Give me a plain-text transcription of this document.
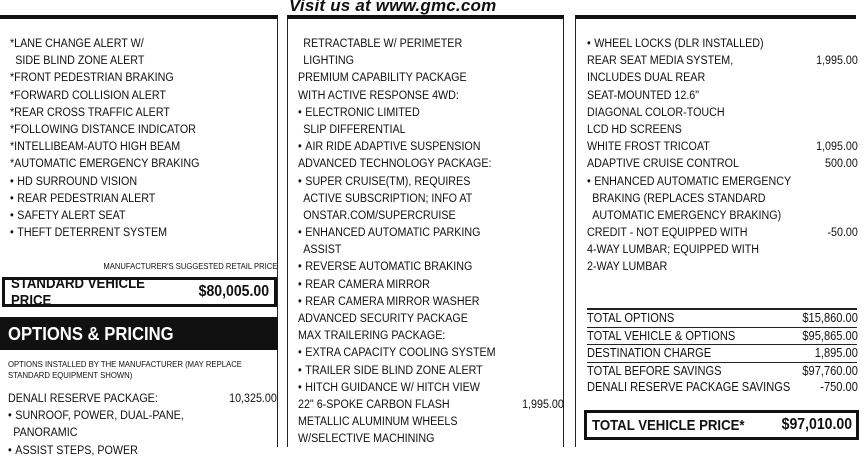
Visit us at www.gmc.com
*LANE CHANGE ALERT W/
SIDE BLIND ZONE ALERT
*FRONT PEDESTRIAN BRAKING
*FORWARD COLLISION ALERT
*REAR CROSS TRAFFIC ALERT
*FOLLOWING DISTANCE INDICATOR
*INTELLIBEAM-AUTO HIGH BEAM
*AUTOMATIC EMERGENCY BRAKING
• HD SURROUND VISION
• REAR PEDESTRIAN ALERT
• SAFETY ALERT SEAT
• THEFT DETERRENT SYSTEM
MANUFACTURER'S SUGGESTED RETAIL PRICE
STANDARD VEHICLE PRICE
$80,005.00
OPTIONS & PRICING
OPTIONS INSTALLED BY THE MANUFACTURER (MAY REPLACE
STANDARD EQUIPMENT SHOWN)
DENALI RESERVE PACKAGE:	10,325.00
• SUNROOF, POWER, DUAL-PANE,
PANORAMIC
• ASSIST STEPS, POWER
RETRACTABLE W/ PERIMETER
LIGHTING
PREMIUM CAPABILITY PACKAGE
WITH ACTIVE RESPONSE 4WD:
• ELECTRONIC LIMITED
SLIP DIFFERENTIAL
• AIR RIDE ADAPTIVE SUSPENSION
ADVANCED TECHNOLOGY PACKAGE:
• SUPER CRUISE(TM), REQUIRES
ACTIVE SUBSCRIPTION; INFO AT
ONSTAR.COM/SUPERCRUISE
• ENHANCED AUTOMATIC PARKING
ASSIST
• REVERSE AUTOMATIC BRAKING
• REAR CAMERA MIRROR
• REAR CAMERA MIRROR WASHER
ADVANCED SECURITY PACKAGE
MAX TRAILERING PACKAGE:
• EXTRA CAPACITY COOLING SYSTEM
• TRAILER SIDE BLIND ZONE ALERT
• HITCH GUIDANCE W/ HITCH VIEW
22" 6-SPOKE CARBON FLASH	1,995.00
METALLIC ALUMINUM WHEELS
W/SELECTIVE MACHINING
• WHEEL LOCKS (DLR INSTALLED)
REAR SEAT MEDIA SYSTEM,	1,995.00
INCLUDES DUAL REAR
SEAT-MOUNTED 12.6"
DIAGONAL COLOR-TOUCH
LCD HD SCREENS
WHITE FROST TRICOAT	1,095.00
ADAPTIVE CRUISE CONTROL	500.00
• ENHANCED AUTOMATIC EMERGENCY
BRAKING (REPLACES STANDARD
AUTOMATIC EMERGENCY BRAKING)
CREDIT - NOT EQUIPPED WITH	-50.00
4-WAY LUMBAR; EQUIPPED WITH
2-WAY LUMBAR
TOTAL OPTIONS	$15,860.00
TOTAL VEHICLE & OPTIONS	$95,865.00
DESTINATION CHARGE	1,895.00
TOTAL BEFORE SAVINGS	$97,760.00
DENALI RESERVE PACKAGE SAVINGS -750.00
TOTAL VEHICLE PRICE* $97,010.00
